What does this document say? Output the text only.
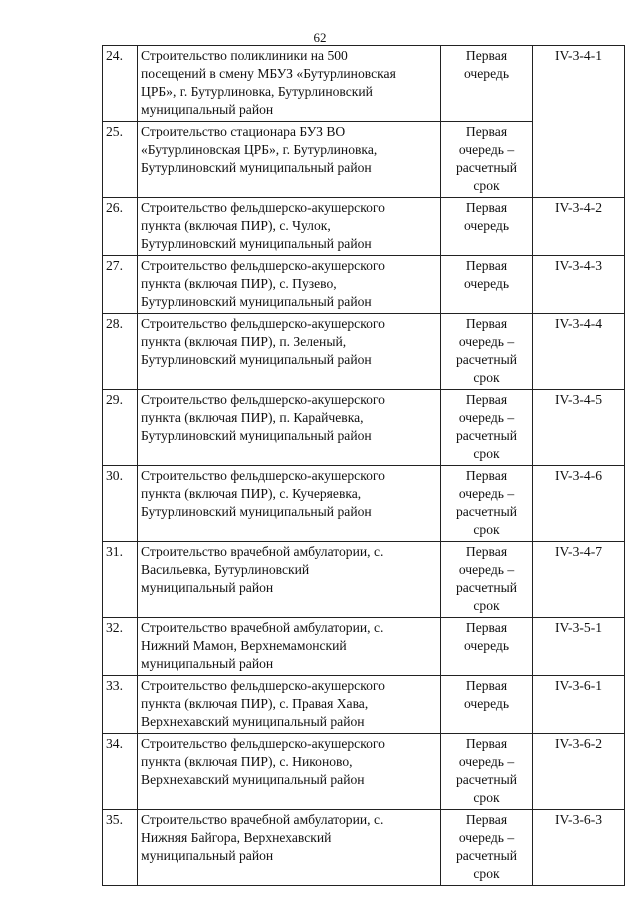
62
24.	Строительство поликлиники на 500
посещений в смену МБУЗ «Бутурлиновская
ЦРБ», г. Бутурлиновка, Бутурлиновский
муниципальный район	Первая
очередь	IV-3-4-1
25.	Строительство стационара БУЗ ВО
«Бутурлиновская ЦРБ», г. Бутурлиновка,
Бутурлиновский муниципальный район	Первая
очередь –
расчетный
срок	
26.	Строительство фельдшерско-акушерского
пункта (включая ПИР), с. Чулок,
Бутурлиновский муниципальный район	Первая
очередь	IV-3-4-2
27.	Строительство фельдшерско-акушерского
пункта (включая ПИР), с. Пузево,
Бутурлиновский муниципальный район	Первая
очередь	IV-3-4-3
28.	Строительство фельдшерско-акушерского
пункта (включая ПИР), п. Зеленый,
Бутурлиновский муниципальный район	Первая
очередь –
расчетный
срок	IV-3-4-4
29.	Строительство фельдшерско-акушерского
пункта (включая ПИР), п. Карайчевка,
Бутурлиновский муниципальный район	Первая
очередь –
расчетный
срок	IV-3-4-5
30.	Строительство фельдшерско-акушерского
пункта (включая ПИР), с. Кучеряевка,
Бутурлиновский муниципальный район	Первая
очередь –
расчетный
срок	IV-3-4-6
31.	Строительство врачебной амбулатории, с.
Васильевка, Бутурлиновский
муниципальный район	Первая
очередь –
расчетный
срок	IV-3-4-7
32.	Строительство врачебной амбулатории, с.
Нижний Мамон, Верхнемамонский
муниципальный район	Первая
очередь	IV-3-5-1
33.	Строительство фельдшерско-акушерского
пункта (включая ПИР), с. Правая Хава,
Верхнехавский муниципальный район	Первая
очередь	IV-3-6-1
34.	Строительство фельдшерско-акушерского
пункта (включая ПИР), с. Никоново,
Верхнехавский муниципальный район	Первая
очередь –
расчетный
срок	IV-3-6-2
35.	Строительство врачебной амбулатории, с.
Нижняя Байгора, Верхнехавский
муниципальный район	Первая
очередь –
расчетный
срок	IV-3-6-3
